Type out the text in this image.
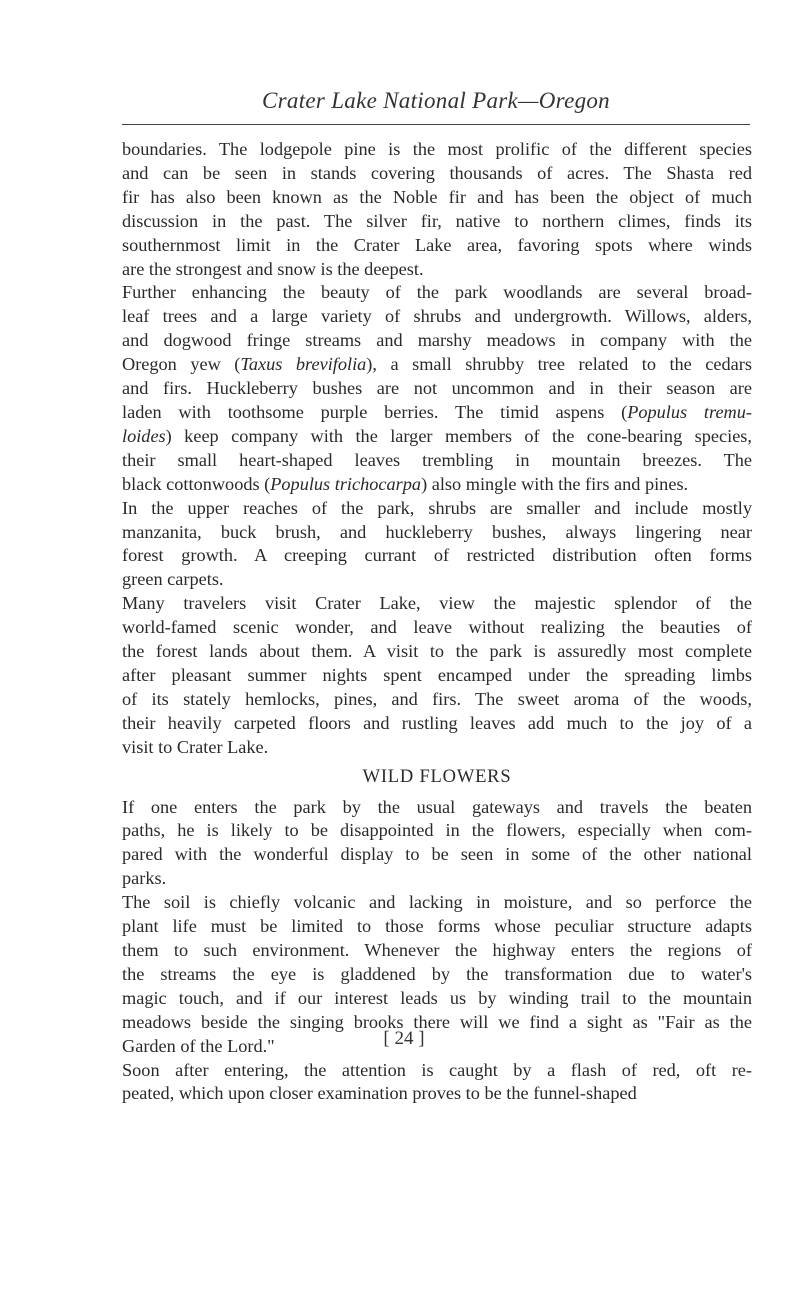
Crater Lake National Park—Oregon
boundaries. The lodgepole pine is the most prolific of the different species
and can be seen in stands covering thousands of acres. The Shasta red
fir has also been known as the Noble fir and has been the object of much
discussion in the past. The silver fir, native to northern climes, finds its
southernmost limit in the Crater Lake area, favoring spots where winds
are the strongest and snow is the deepest.
Further enhancing the beauty of the park woodlands are several broad-
leaf trees and a large variety of shrubs and undergrowth. Willows, alders,
and dogwood fringe streams and marshy meadows in company with the
Oregon yew (Taxus brevifolia), a small shrubby tree related to the cedars
and firs. Huckleberry bushes are not uncommon and in their season are
laden with toothsome purple berries. The timid aspens (Populus tremu-
loides) keep company with the larger members of the cone-bearing species,
their small heart-shaped leaves trembling in mountain breezes. The
black cottonwoods (Populus trichocarpa) also mingle with the firs and pines.
In the upper reaches of the park, shrubs are smaller and include mostly
manzanita, buck brush, and huckleberry bushes, always lingering near
forest growth. A creeping currant of restricted distribution often forms
green carpets.
Many travelers visit Crater Lake, view the majestic splendor of the
world-famed scenic wonder, and leave without realizing the beauties of
the forest lands about them. A visit to the park is assuredly most complete
after pleasant summer nights spent encamped under the spreading limbs
of its stately hemlocks, pines, and firs. The sweet aroma of the woods,
their heavily carpeted floors and rustling leaves add much to the joy of a
visit to Crater Lake.
WILD FLOWERS
If one enters the park by the usual gateways and travels the beaten
paths, he is likely to be disappointed in the flowers, especially when com-
pared with the wonderful display to be seen in some of the other national
parks.
The soil is chiefly volcanic and lacking in moisture, and so perforce the
plant life must be limited to those forms whose peculiar structure adapts
them to such environment. Whenever the highway enters the regions of
the streams the eye is gladdened by the transformation due to water's
magic touch, and if our interest leads us by winding trail to the mountain
meadows beside the singing brooks there will we find a sight as "Fair as the
Garden of the Lord."
Soon after entering, the attention is caught by a flash of red, oft re-
peated, which upon closer examination proves to be the funnel-shaped
[ 24 ]
